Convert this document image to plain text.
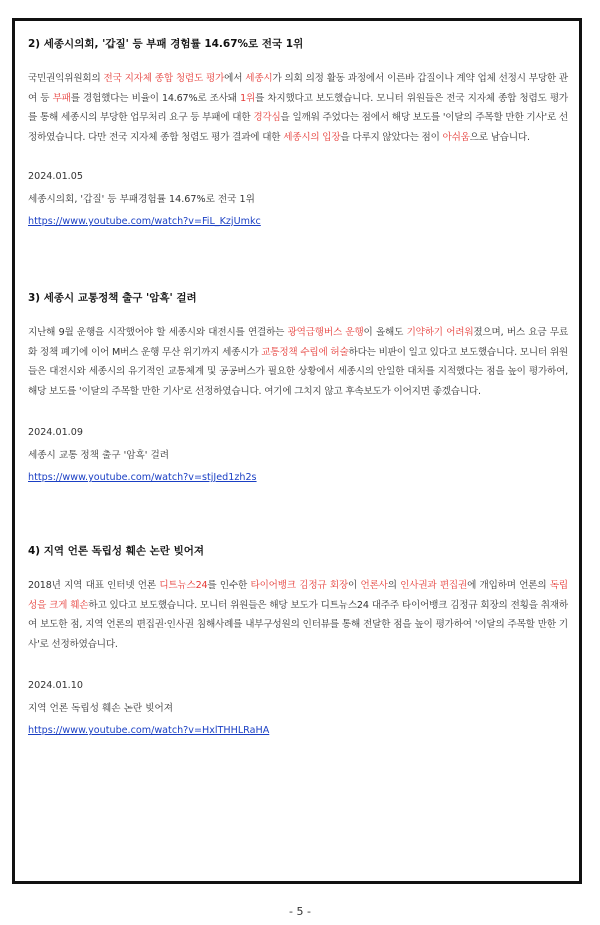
2) 세종시의회, '갑질' 등 부패 경험률 14.67%로 전국 1위

국민권익위원회의 전국 지자체 종합 청렴도 평가에서 세종시가 의회 의정 활동 과정에서 이른바 갑질이나 계약 업체 선정시 부당한 관여 등 부패를 경험했다는 비율이 14.67%로 조사돼 1위를 차지했다고 보도했습니다. 모니터 위원들은 전국 지자체 종합 청렴도 평가를 통해 세종시의 부당한 업무처리 요구 등 부패에 대한 경각심을 일깨워 주었다는 점에서 해당 보도를 '이달의 주목할 만한 기사'로 선정하였습니다. 다만 전국 지자체 종합 청렴도 평가 결과에 대한 세종시의 입장을 다루지 않았다는 점이 아쉬움으로 남습니다.

2024.01.05
세종시의회, '갑질' 등 부패경험률 14.67%로 전국 1위
https://www.youtube.com/watch?v=FiL_KzjUmkc

3) 세종시 교통정책 출구 '암흑' 걸려

지난해 9월 운행을 시작했어야 할 세종시와 대전시를 연결하는 광역급행버스 운행이 올해도 기약하기 어려워졌으며, 버스 요금 무료화 정책 폐기에 이어 M버스 운행 무산 위기까지 세종시가 교통정책 수립에 허술하다는 비판이 일고 있다고 보도했습니다. 모니터 위원들은 대전시와 세종시의 유기적인 교통체계 및 공공버스가 필요한 상황에서 세종시의 안일한 대처를 지적했다는 점을 높이 평가하여, 해당 보도를 '이달의 주목할 만한 기사'로 선정하였습니다. 여기에 그치지 않고 후속보도가 이어지면 좋겠습니다.

2024.01.09
세종시 교통 정책 출구 '암흑' 걸려
https://www.youtube.com/watch?v=stjJed1zh2s

4) 지역 언론 독립성 훼손 논란 빚어져

2018년 지역 대표 인터넷 언론 디트뉴스24를 인수한 타이어뱅크 김정규 회장이 언론사의 인사권과 편집권에 개입하며 언론의 독립성을 크게 훼손하고 있다고 보도했습니다. 모니터 위원들은 해당 보도가 디트뉴스24 대주주 타이어뱅크 김정규 회장의 전횡을 취재하여 보도한 점, 지역 언론의 편집권·인사권 침해사례를 내부구성원의 인터뷰를 통해 전달한 점을 높이 평가하여 '이달의 주목할 만한 기사'로 선정하였습니다.

2024.01.10
지역 언론 독립성 훼손 논란 빚어져
https://www.youtube.com/watch?v=HxlTHHLRaHA
- 5 -
